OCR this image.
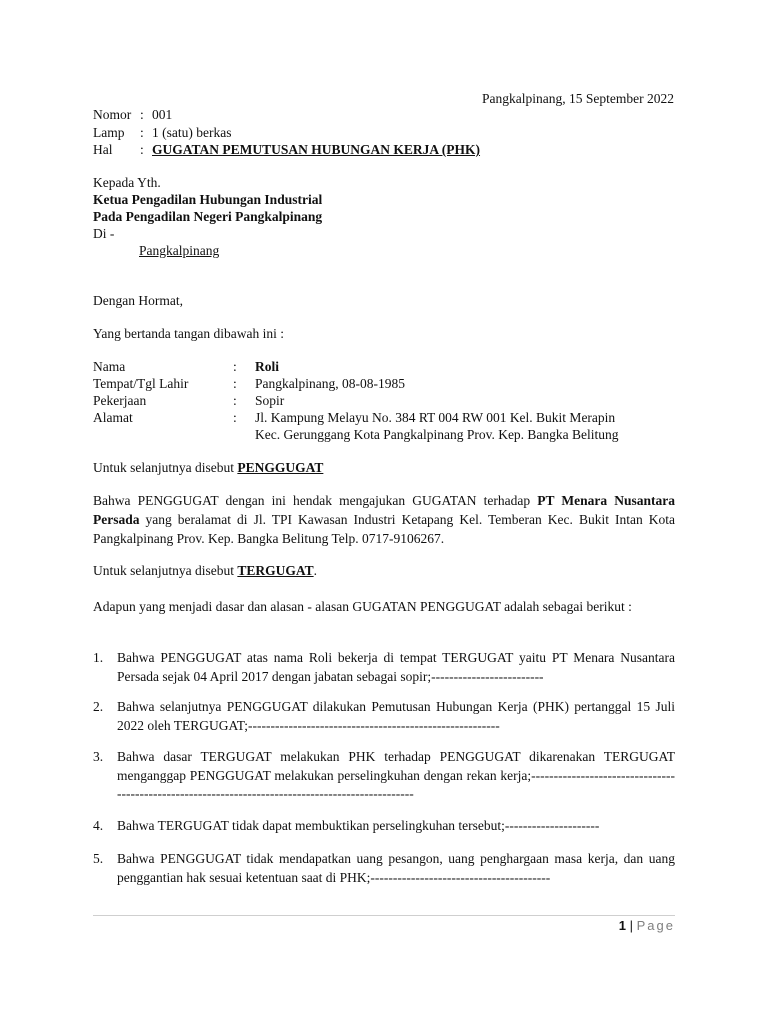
Pangkalpinang, 15 September 2022
Nomor : 001
Lamp	: 1 (satu) berkas
Hal	: GUGATAN PEMUTUSAN HUBUNGAN KERJA (PHK)
Kepada Yth.
Ketua Pengadilan Hubungan Industrial
Pada Pengadilan Negeri Pangkalpinang
Di -
Pangkalpinang
Dengan Hormat,
Yang bertanda tangan dibawah ini :
Nama	: Roli
Tempat/Tgl Lahir	: Pangkalpinang, 08-08-1985
Pekerjaan	: Sopir
Alamat	: Jl. Kampung Melayu No. 384 RT 004 RW 001 Kel. Bukit Merapin
Kec. Gerunggang Kota Pangkalpinang Prov. Kep. Bangka Belitung
Untuk selanjutnya disebut PENGGUGAT
Bahwa PENGGUGAT dengan ini hendak mengajukan GUGATAN terhadap PT Menara Nusantara Persada yang beralamat di Jl. TPI Kawasan Industri Ketapang Kel. Temberan Kec. Bukit Intan Kota Pangkalpinang Prov. Kep. Bangka Belitung Telp. 0717-9106267.
Untuk selanjutnya disebut TERGUGAT.
Adapun yang menjadi dasar dan alasan - alasan GUGATAN PENGGUGAT adalah sebagai berikut :
1. Bahwa PENGGUGAT atas nama Roli bekerja di tempat TERGUGAT yaitu PT Menara Nusantara Persada sejak 04 April 2017 dengan jabatan sebagai sopir;-------------------------
2. Bahwa selanjutnya PENGGUGAT dilakukan Pemutusan Hubungan Kerja (PHK) pertanggal 15 Juli 2022 oleh TERGUGAT;--------------------------------------------------------
3. Bahwa dasar TERGUGAT melakukan PHK terhadap PENGGUGAT dikarenakan TERGUGAT menganggap PENGGUGAT melakukan perselingkuhan dengan rekan kerja;--------------------------------------------------------------------------------------------------
4. Bahwa TERGUGAT tidak dapat membuktikan perselingkuhan tersebut;---------------------
5. Bahwa PENGGUGAT tidak mendapatkan uang pesangon, uang penghargaan masa kerja, dan uang penggantian hak sesuai ketentuan saat di PHK;----------------------------------------
1 | Page
